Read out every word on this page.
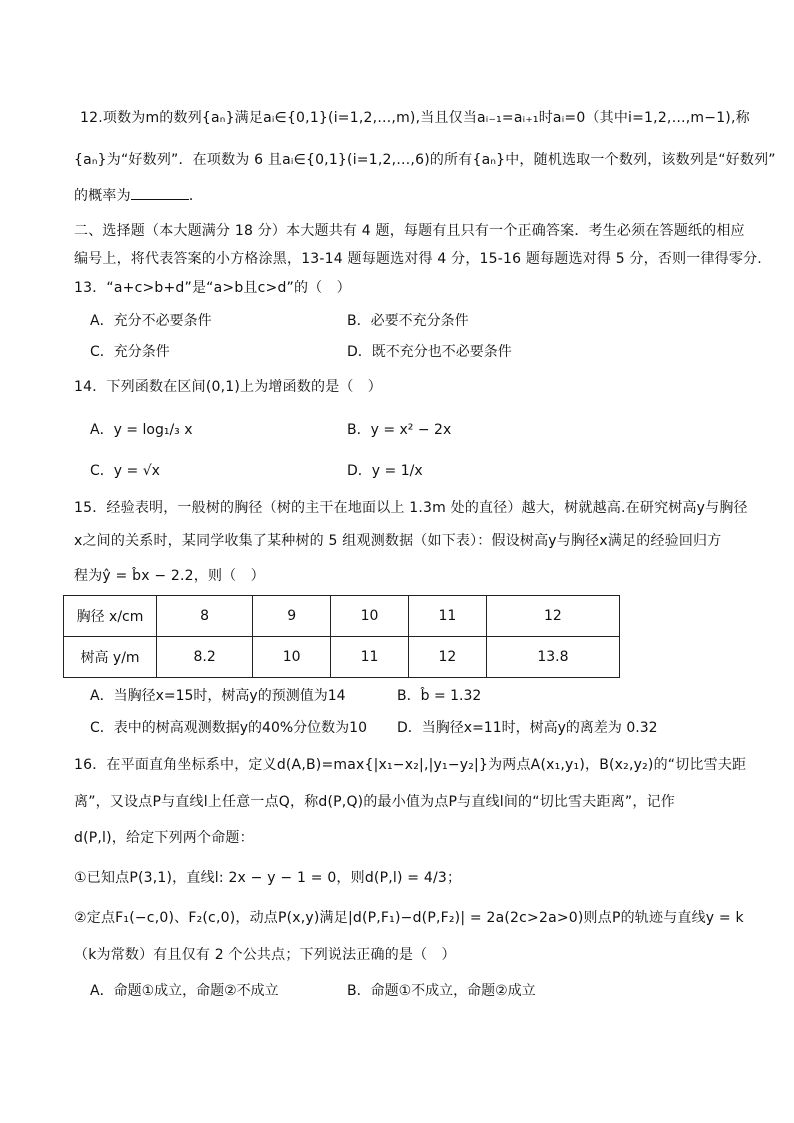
12.项数为m的数列{aₙ}满足aᵢ∈{0,1}(i=1,2,…,m),当且仅当aᵢ₋₁=aᵢ₊₁时aᵢ=0（其中i=1,2,…,m−1),称
{aₙ}为“好数列”．在项数为 6 且aᵢ∈{0,1}(i=1,2,…,6)的所有{aₙ}中，随机选取一个数列，该数列是“好数列”
的概率为	．
二、选择题（本大题满分 18 分）本大题共有 4 题，每题有且只有一个正确答案．考生必须在答题纸的相应
编号上，将代表答案的小方格涂黑，13-14 题每题选对得 4 分，15-16 题每题选对得 5 分，否则一律得零分.
13．“a+c>b+d”是“a>b且c>d”的（　）
A．充分不必要条件	B．必要不充分条件
C．充分条件	D．既不充分也不必要条件
14．下列函数在区间(0,1)上为增函数的是（　）
A．y = log₁/₃ x	B．y = x² − 2x
C．y = √x	D．y = 1/x
15．经验表明，一般树的胸径（树的主干在地面以上 1.3m 处的直径）越大，树就越高.在研究树高y与胸径
x之间的关系时，某同学收集了某种树的 5 组观测数据（如下表）：假设树高y与胸径x满足的经验回归方
程为ŷ = b̂x − 2.2，则（　）
胸径 x/cm	8	9	10	11	12
树高 y/m	8.2	10	11	12	13.8
A．当胸径x=15时，树高y的预测值为14	B．b̂ = 1.32
C．表中的树高观测数据y的40%分位数为10 D．当胸径x=11时，树高y的离差为 0.32
16．在平面直角坐标系中，定义d(A,B)=max{|x₁−x₂|,|y₁−y₂|}为两点A(x₁,y₁)，B(x₂,y₂)的“切比雪夫距
离”，又设点P与直线l上任意一点Q，称d(P,Q)的最小值为点P与直线l间的“切比雪夫距离”，记作
d(P,l)，给定下列两个命题：
①已知点P(3,1)，直线l: 2x − y − 1 = 0，则d(P,l) = 4/3；
②定点F₁(−c,0)、F₂(c,0)，动点P(x,y)满足|d(P,F₁)−d(P,F₂)| = 2a(2c>2a>0)则点P的轨迹与直线y = k
（k为常数）有且仅有 2 个公共点；下列说法正确的是（　）
A．命题①成立，命题②不成立	B．命题①不成立，命题②成立
